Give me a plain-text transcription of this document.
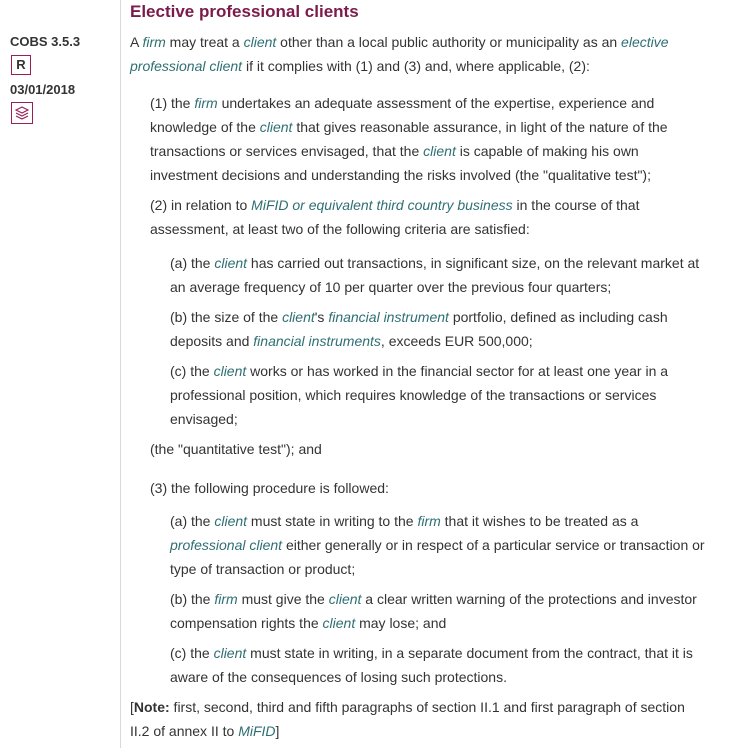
COBS 3.5.3
R
03/01/2018
Elective professional clients

A firm may treat a client other than a local public authority or municipality as an elective professional client if it complies with (1) and (3) and, where applicable, (2):

(1) the firm undertakes an adequate assessment of the expertise, experience and knowledge of the client that gives reasonable assurance, in light of the nature of the transactions or services envisaged, that the client is capable of making his own investment decisions and understanding the risks involved (the "qualitative test");

(2) in relation to MiFID or equivalent third country business in the course of that assessment, at least two of the following criteria are satisfied:

(a) the client has carried out transactions, in significant size, on the relevant market at an average frequency of 10 per quarter over the previous four quarters;

(b) the size of the client's financial instrument portfolio, defined as including cash deposits and financial instruments, exceeds EUR 500,000;

(c) the client works or has worked in the financial sector for at least one year in a professional position, which requires knowledge of the transactions or services envisaged;

(the "quantitative test"); and

(3) the following procedure is followed:

(a) the client must state in writing to the firm that it wishes to be treated as a professional client either generally or in respect of a particular service or transaction or type of transaction or product;

(b) the firm must give the client a clear written warning of the protections and investor compensation rights the client may lose; and

(c) the client must state in writing, in a separate document from the contract, that it is aware of the consequences of losing such protections.

[Note: first, second, third and fifth paragraphs of section II.1 and first paragraph of section II.2 of annex II to MiFID]
